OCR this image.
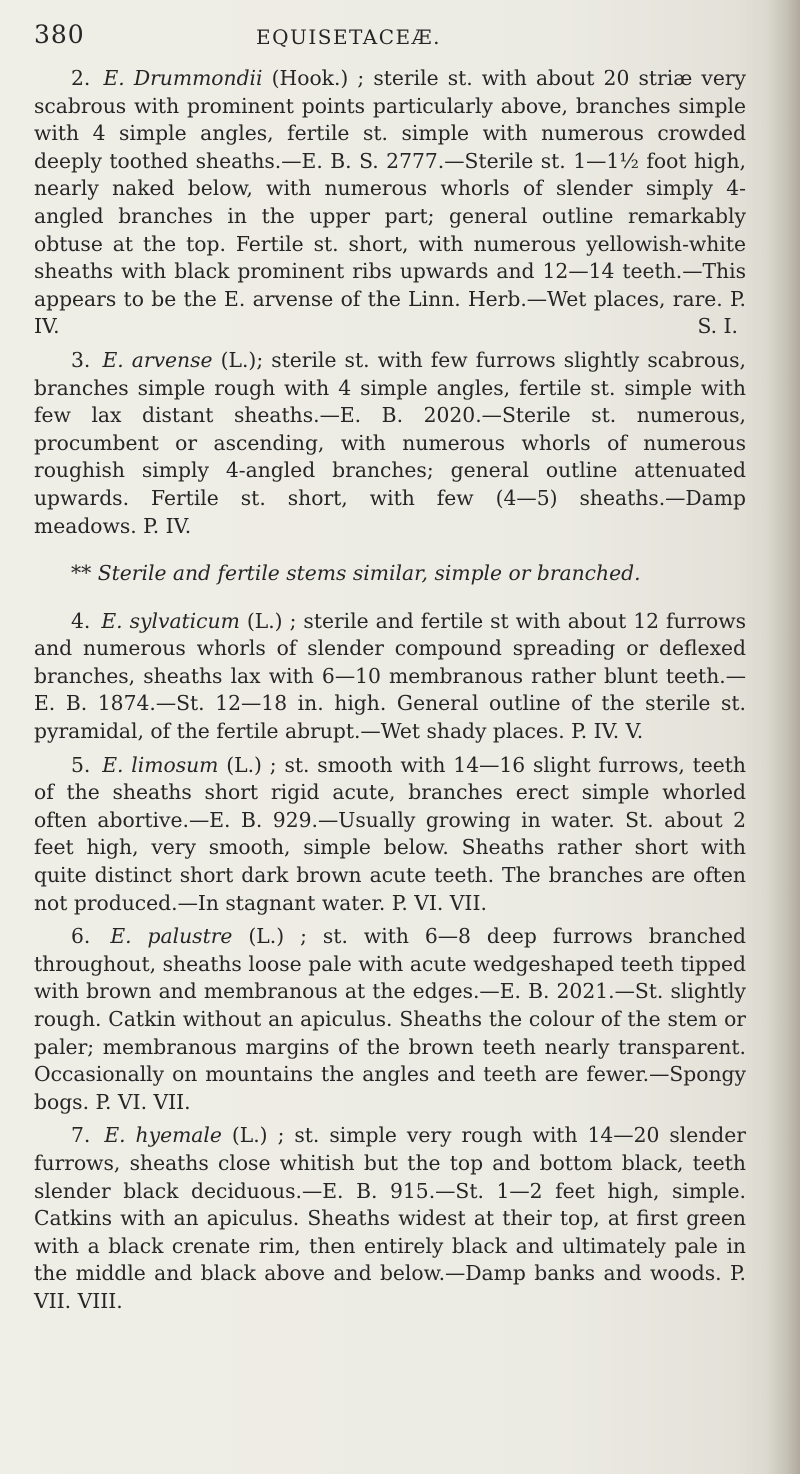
380	EQUISETACEÆ.

2. E. Drummondii (Hook.) ; sterile st. with about 20 striæ very scabrous with prominent points particularly above, branches simple with 4 simple angles, fertile st. simple with numerous crowded deeply toothed sheaths.—E. B. S. 2777.—Sterile st. 1—1½ foot high, nearly naked below, with numerous whorls of slender simply 4-angled branches in the upper part; general outline remarkably obtuse at the top. Fertile st. short, with numerous yellowish-white sheaths with black prominent ribs upwards and 12—14 teeth.—This appears to be the E. arvense of the Linn. Herb.—Wet places, rare. P. IV.	S. I.

3. E. arvense (L.); sterile st. with few furrows slightly scabrous, branches simple rough with 4 simple angles, fertile st. simple with few lax distant sheaths.—E. B. 2020.—Sterile st. numerous, procumbent or ascending, with numerous whorls of numerous roughish simply 4-angled branches; general outline attenuated upwards. Fertile st. short, with few (4—5) sheaths.—Damp meadows. P. IV.

** Sterile and fertile stems similar, simple or branched.

4. E. sylvaticum (L.) ; sterile and fertile st with about 12 furrows and numerous whorls of slender compound spreading or deflexed branches, sheaths lax with 6—10 membranous rather blunt teeth.—E. B. 1874.—St. 12—18 in. high. General outline of the sterile st. pyramidal, of the fertile abrupt.—Wet shady places. P. IV. V.

5. E. limosum (L.) ; st. smooth with 14—16 slight furrows, teeth of the sheaths short rigid acute, branches erect simple whorled often abortive.—E. B. 929.—Usually growing in water. St. about 2 feet high, very smooth, simple below. Sheaths rather short with quite distinct short dark brown acute teeth. The branches are often not produced.—In stagnant water. P. VI. VII.

6. E. palustre (L.) ; st. with 6—8 deep furrows branched throughout, sheaths loose pale with acute wedgeshaped teeth tipped with brown and membranous at the edges.—E. B. 2021.—St. slightly rough. Catkin without an apiculus. Sheaths the colour of the stem or paler; membranous margins of the brown teeth nearly transparent. Occasionally on mountains the angles and teeth are fewer.—Spongy bogs. P. VI. VII.

7. E. hyemale (L.) ; st. simple very rough with 14—20 slender furrows, sheaths close whitish but the top and bottom black, teeth slender black deciduous.—E. B. 915.—St. 1—2 feet high, simple. Catkins with an apiculus. Sheaths widest at their top, at first green with a black crenate rim, then entirely black and ultimately pale in the middle and black above and below.—Damp banks and woods. P. VII. VIII.
